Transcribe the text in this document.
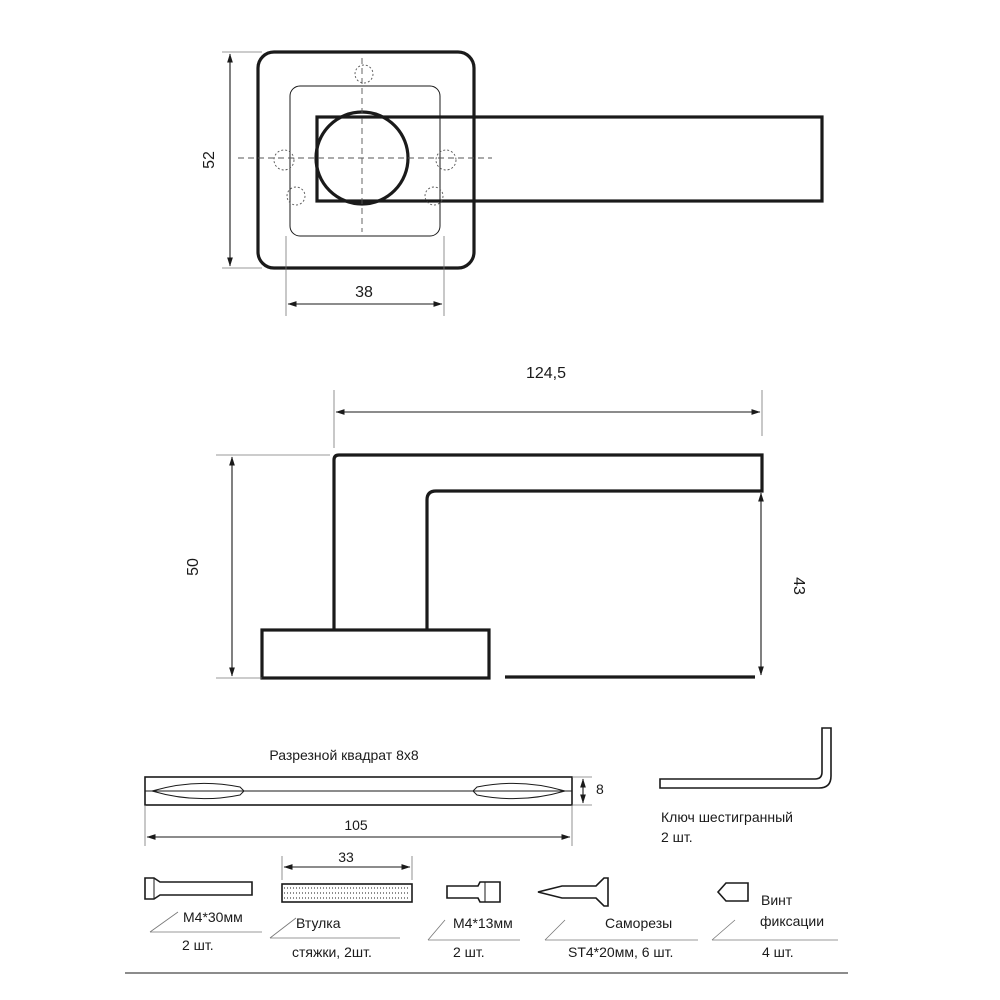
52
38
124,5
50
43
Разрезной квадрат 8x8
8
105	Ключ шестигранный
2 шт.
М4*30мм
2 шт.
33
Втулка
стяжки, 2шт.
М4*13мм
2 шт.
Саморезы
ST4*20мм, 6 шт.
Винт
фиксации
4 шт.
